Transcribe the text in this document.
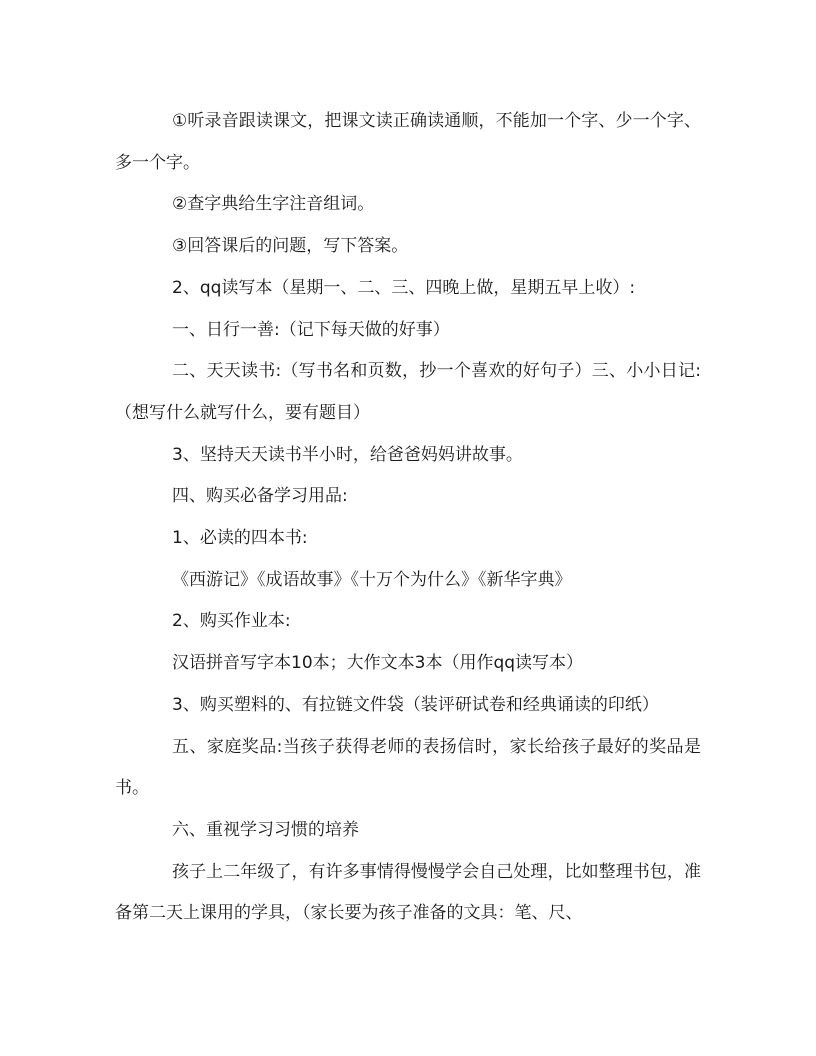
①听录音跟读课文，把课文读正确读通顺，不能加一个字、少一个字、多一个字。

②查字典给生字注音组词。

③回答课后的问题，写下答案。

2、qq读写本（星期一、二、三、四晚上做，星期五早上收）:

一、日行一善:（记下每天做的好事）

二、天天读书:（写书名和页数，抄一个喜欢的好句子）三、小小日记:（想写什么就写什么，要有题目）

3、坚持天天读书半小时，给爸爸妈妈讲故事。

四、购买必备学习用品:

1、必读的四本书:

《西游记》《成语故事》《十万个为什么》《新华字典》

2、购买作业本:

汉语拼音写字本10本；大作文本3本（用作qq读写本）

3、购买塑料的、有拉链文件袋（装评研试卷和经典诵读的印纸）

五、家庭奖品:当孩子获得老师的表扬信时，家长给孩子最好的奖品是书。

六、重视学习习惯的培养

孩子上二年级了，有许多事情得慢慢学会自己处理，比如整理书包，准备第二天上课用的学具，（家长要为孩子准备的文具：笔、尺、
